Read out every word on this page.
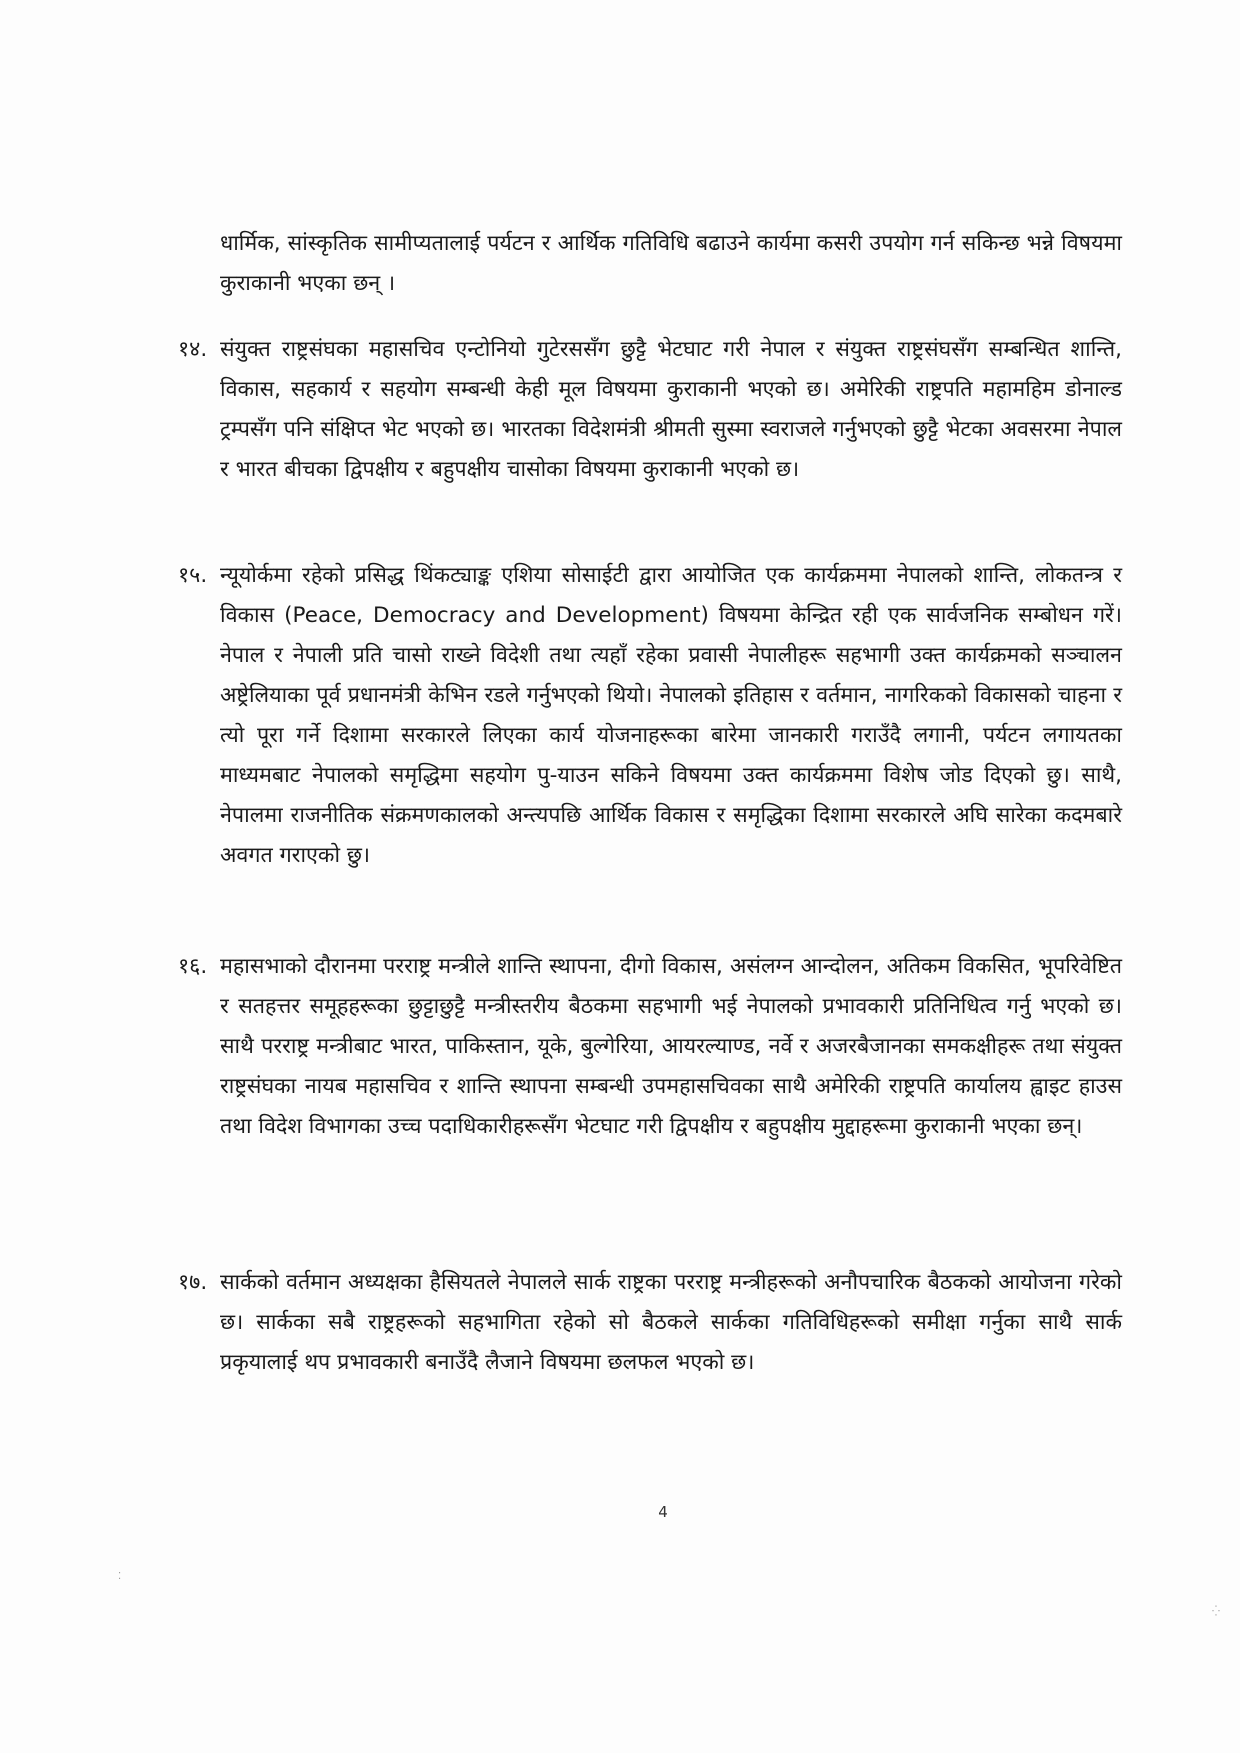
धार्मिक, सांस्कृतिक सामीप्यतालाई पर्यटन र आर्थिक गतिविधि बढाउने कार्यमा कसरी उपयोग गर्न सकिन्छ भन्ने विषयमा कुराकानी भएका छन् ।

१४. संयुक्त राष्ट्रसंघका महासचिव एन्टोनियो गुटेरससँग छुट्टै भेटघाट गरी नेपाल र संयुक्त राष्ट्रसंघसँग सम्बन्धित शान्ति, विकास, सहकार्य र सहयोग सम्बन्धी केही मूल विषयमा कुराकानी भएको छ। अमेरिकी राष्ट्रपति महामहिम डोनाल्ड ट्रम्पसँग पनि संक्षिप्त भेट भएको छ। भारतका विदेशमंत्री श्रीमती सुस्मा स्वराजले गर्नुभएको छुट्टै भेटका अवसरमा नेपाल र भारत बीचका द्विपक्षीय र बहुपक्षीय चासोका विषयमा कुराकानी भएको छ।

१५. न्यूयोर्कमा रहेको प्रसिद्ध थिंकट्याङ्क एशिया सोसाईटी द्वारा आयोजित एक कार्यक्रममा नेपालको शान्ति, लोकतन्त्र र विकास (Peace, Democracy and Development) विषयमा केन्द्रित रही एक सार्वजनिक सम्बोधन गरें। नेपाल र नेपाली प्रति चासो राख्ने विदेशी तथा त्यहाँ रहेका प्रवासी नेपालीहरू सहभागी उक्त कार्यक्रमको सञ्चालन अष्ट्रेलियाका पूर्व प्रधानमंत्री केभिन रडले गर्नुभएको थियो। नेपालको इतिहास र वर्तमान, नागरिकको विकासको चाहना र त्यो पूरा गर्ने दिशामा सरकारले लिएका कार्य योजनाहरूका बारेमा जानकारी गराउँदै लगानी, पर्यटन लगायतका माध्यमबाट नेपालको समृद्धिमा सहयोग पु-याउन सकिने विषयमा उक्त कार्यक्रममा विशेष जोड दिएको छु। साथै, नेपालमा राजनीतिक संक्रमणकालको अन्त्यपछि आर्थिक विकास र समृद्धिका दिशामा सरकारले अघि सारेका कदमबारे अवगत गराएको छु।

१६. महासभाको दौरानमा परराष्ट्र मन्त्रीले शान्ति स्थापना, दीगो विकास, असंलग्न आन्दोलन, अतिकम विकसित, भूपरिवेष्टित र सतहत्तर समूहहरूका छुट्टाछुट्टै मन्त्रीस्तरीय बैठकमा सहभागी भई नेपालको प्रभावकारी प्रतिनिधित्व गर्नु भएको छ। साथै परराष्ट्र मन्त्रीबाट भारत, पाकिस्तान, यूके, बुल्गेरिया, आयरल्याण्ड, नर्वे र अजरबैजानका समकक्षीहरू तथा संयुक्त राष्ट्रसंघका नायब महासचिव र शान्ति स्थापना सम्बन्धी उपमहासचिवका साथै अमेरिकी राष्ट्रपति कार्यालय ह्वाइट हाउस तथा विदेश विभागका उच्च पदाधिकारीहरूसँग भेटघाट गरी द्विपक्षीय र बहुपक्षीय मुद्दाहरूमा कुराकानी भएका छन्।

१७. सार्कको वर्तमान अध्यक्षका हैसियतले नेपालले सार्क राष्ट्रका परराष्ट्र मन्त्रीहरूको अनौपचारिक बैठकको आयोजना गरेको छ। सार्कका सबै राष्ट्रहरूको सहभागिता रहेको सो बैठकले सार्कका गतिविधिहरूको समीक्षा गर्नुका साथै सार्क प्रकृयालाई थप प्रभावकारी बनाउँदै लैजाने विषयमा छलफल भएको छ।

4
⁚
⁛
